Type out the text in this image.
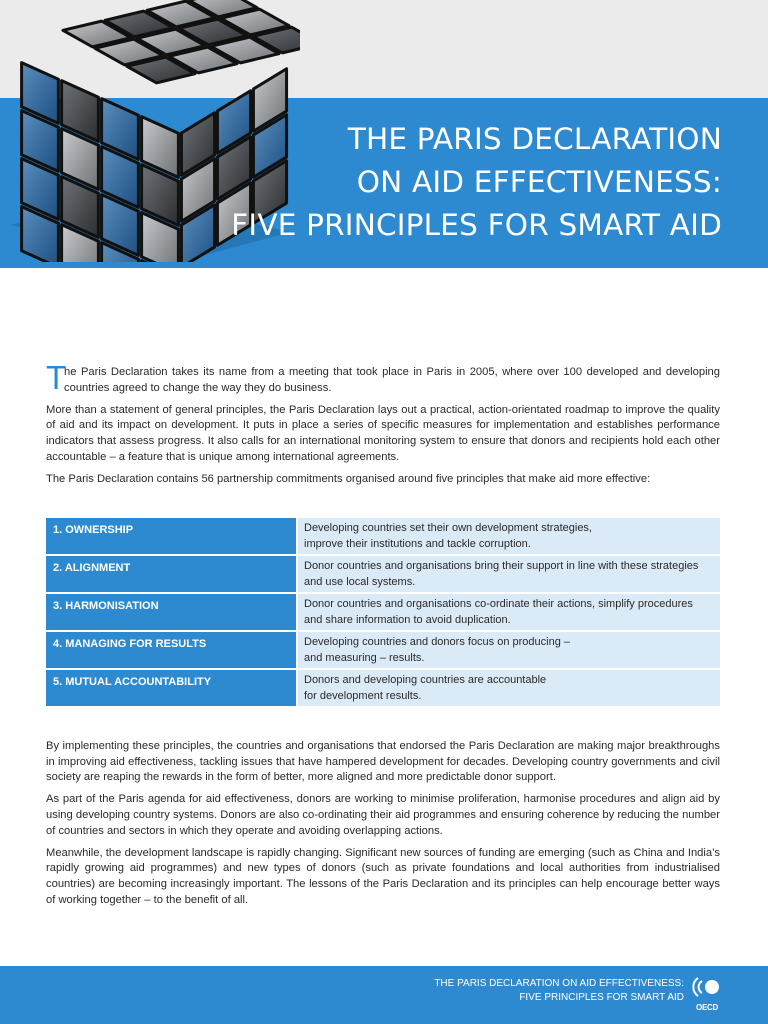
THE PARIS DECLARATION
ON AID EFFECTIVENESS:
FIVE PRINCIPLES FOR SMART AID

T
he Paris Declaration takes its name from a meeting that took place in Paris in 2005, where over 100 developed and developing countries agreed to change the way they do business.

More than a statement of general principles, the Paris Declaration lays out a practical, action-orientated roadmap to improve the quality of aid and its impact on development. It puts in place a series of specific measures for implementation and establishes performance indicators that assess progress. It also calls for an international monitoring system to ensure that donors and recipients hold each other accountable – a feature that is unique among international agreements.

The Paris Declaration contains 56 partnership commitments organised around five principles that make aid more effective:

1. OWNERSHIP	Developing countries set their own development strategies,
improve their institutions and tackle corruption.

2. ALIGNMENT	Donor countries and organisations bring their support in line with these strategies
and use local systems.

3. HARMONISATION	Donor countries and organisations co-ordinate their actions, simplify procedures
and share information to avoid duplication.

4. MANAGING FOR RESULTS	Developing countries and donors focus on producing –
and measuring – results.

5. MUTUAL ACCOUNTABILITY	Donors and developing countries are accountable
for development results.

By implementing these principles, the countries and organisations that endorsed the Paris Declaration are making major breakthroughs in improving aid effectiveness, tackling issues that have hampered development for decades. Developing country governments and civil society are reaping the rewards in the form of better, more aligned and more predictable donor support.

As part of the Paris agenda for aid effectiveness, donors are working to minimise proliferation, harmonise procedures and align aid by using developing country systems. Donors are also co-ordinating their aid programmes and ensuring coherence by reducing the number of countries and sectors in which they operate and avoiding overlapping actions.

Meanwhile, the development landscape is rapidly changing. Significant new sources of funding are emerging (such as China and India’s rapidly growing aid programmes) and new types of donors (such as private foundations and local authorities from industrialised countries) are becoming increasingly important. The lessons of the Paris Declaration and its principles can help encourage better ways of working together – to the benefit of all.

THE PARIS DECLARATION ON AID EFFECTIVENESS:
FIVE PRINCIPLES FOR SMART AID
OECD
